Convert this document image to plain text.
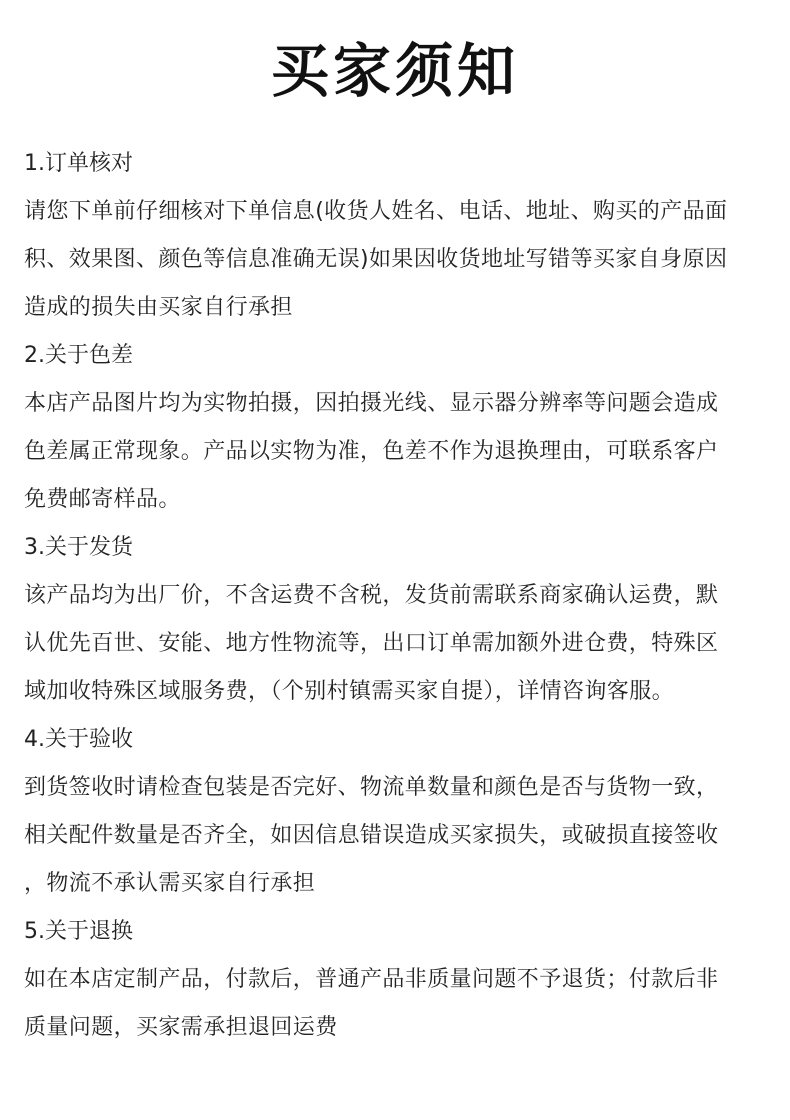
买家须知
1.订单核对

请您下单前仔细核对下单信息(收货人姓名、电话、地址、购买的产品面
积、效果图、颜色等信息准确无误)如果因收货地址写错等买家自身原因
造成的损失由买家自行承担

2.关于色差

本店产品图片均为实物拍摄，因拍摄光线、显示器分辨率等问题会造成
色差属正常现象。产品以实物为准，色差不作为退换理由，可联系客户
免费邮寄样品。

3.关于发货

该产品均为出厂价，不含运费不含税，发货前需联系商家确认运费，默
认优先百世、安能、地方性物流等，出口订单需加额外进仓费，特殊区
域加收特殊区域服务费，（个别村镇需买家自提），详情咨询客服。

4.关于验收

到货签收时请检查包装是否完好、物流单数量和颜色是否与货物一致，
相关配件数量是否齐全，如因信息错误造成买家损失，或破损直接签收
，物流不承认需买家自行承担

5.关于退换

如在本店定制产品，付款后，普通产品非质量问题不予退货；付款后非
质量问题，买家需承担退回运费
